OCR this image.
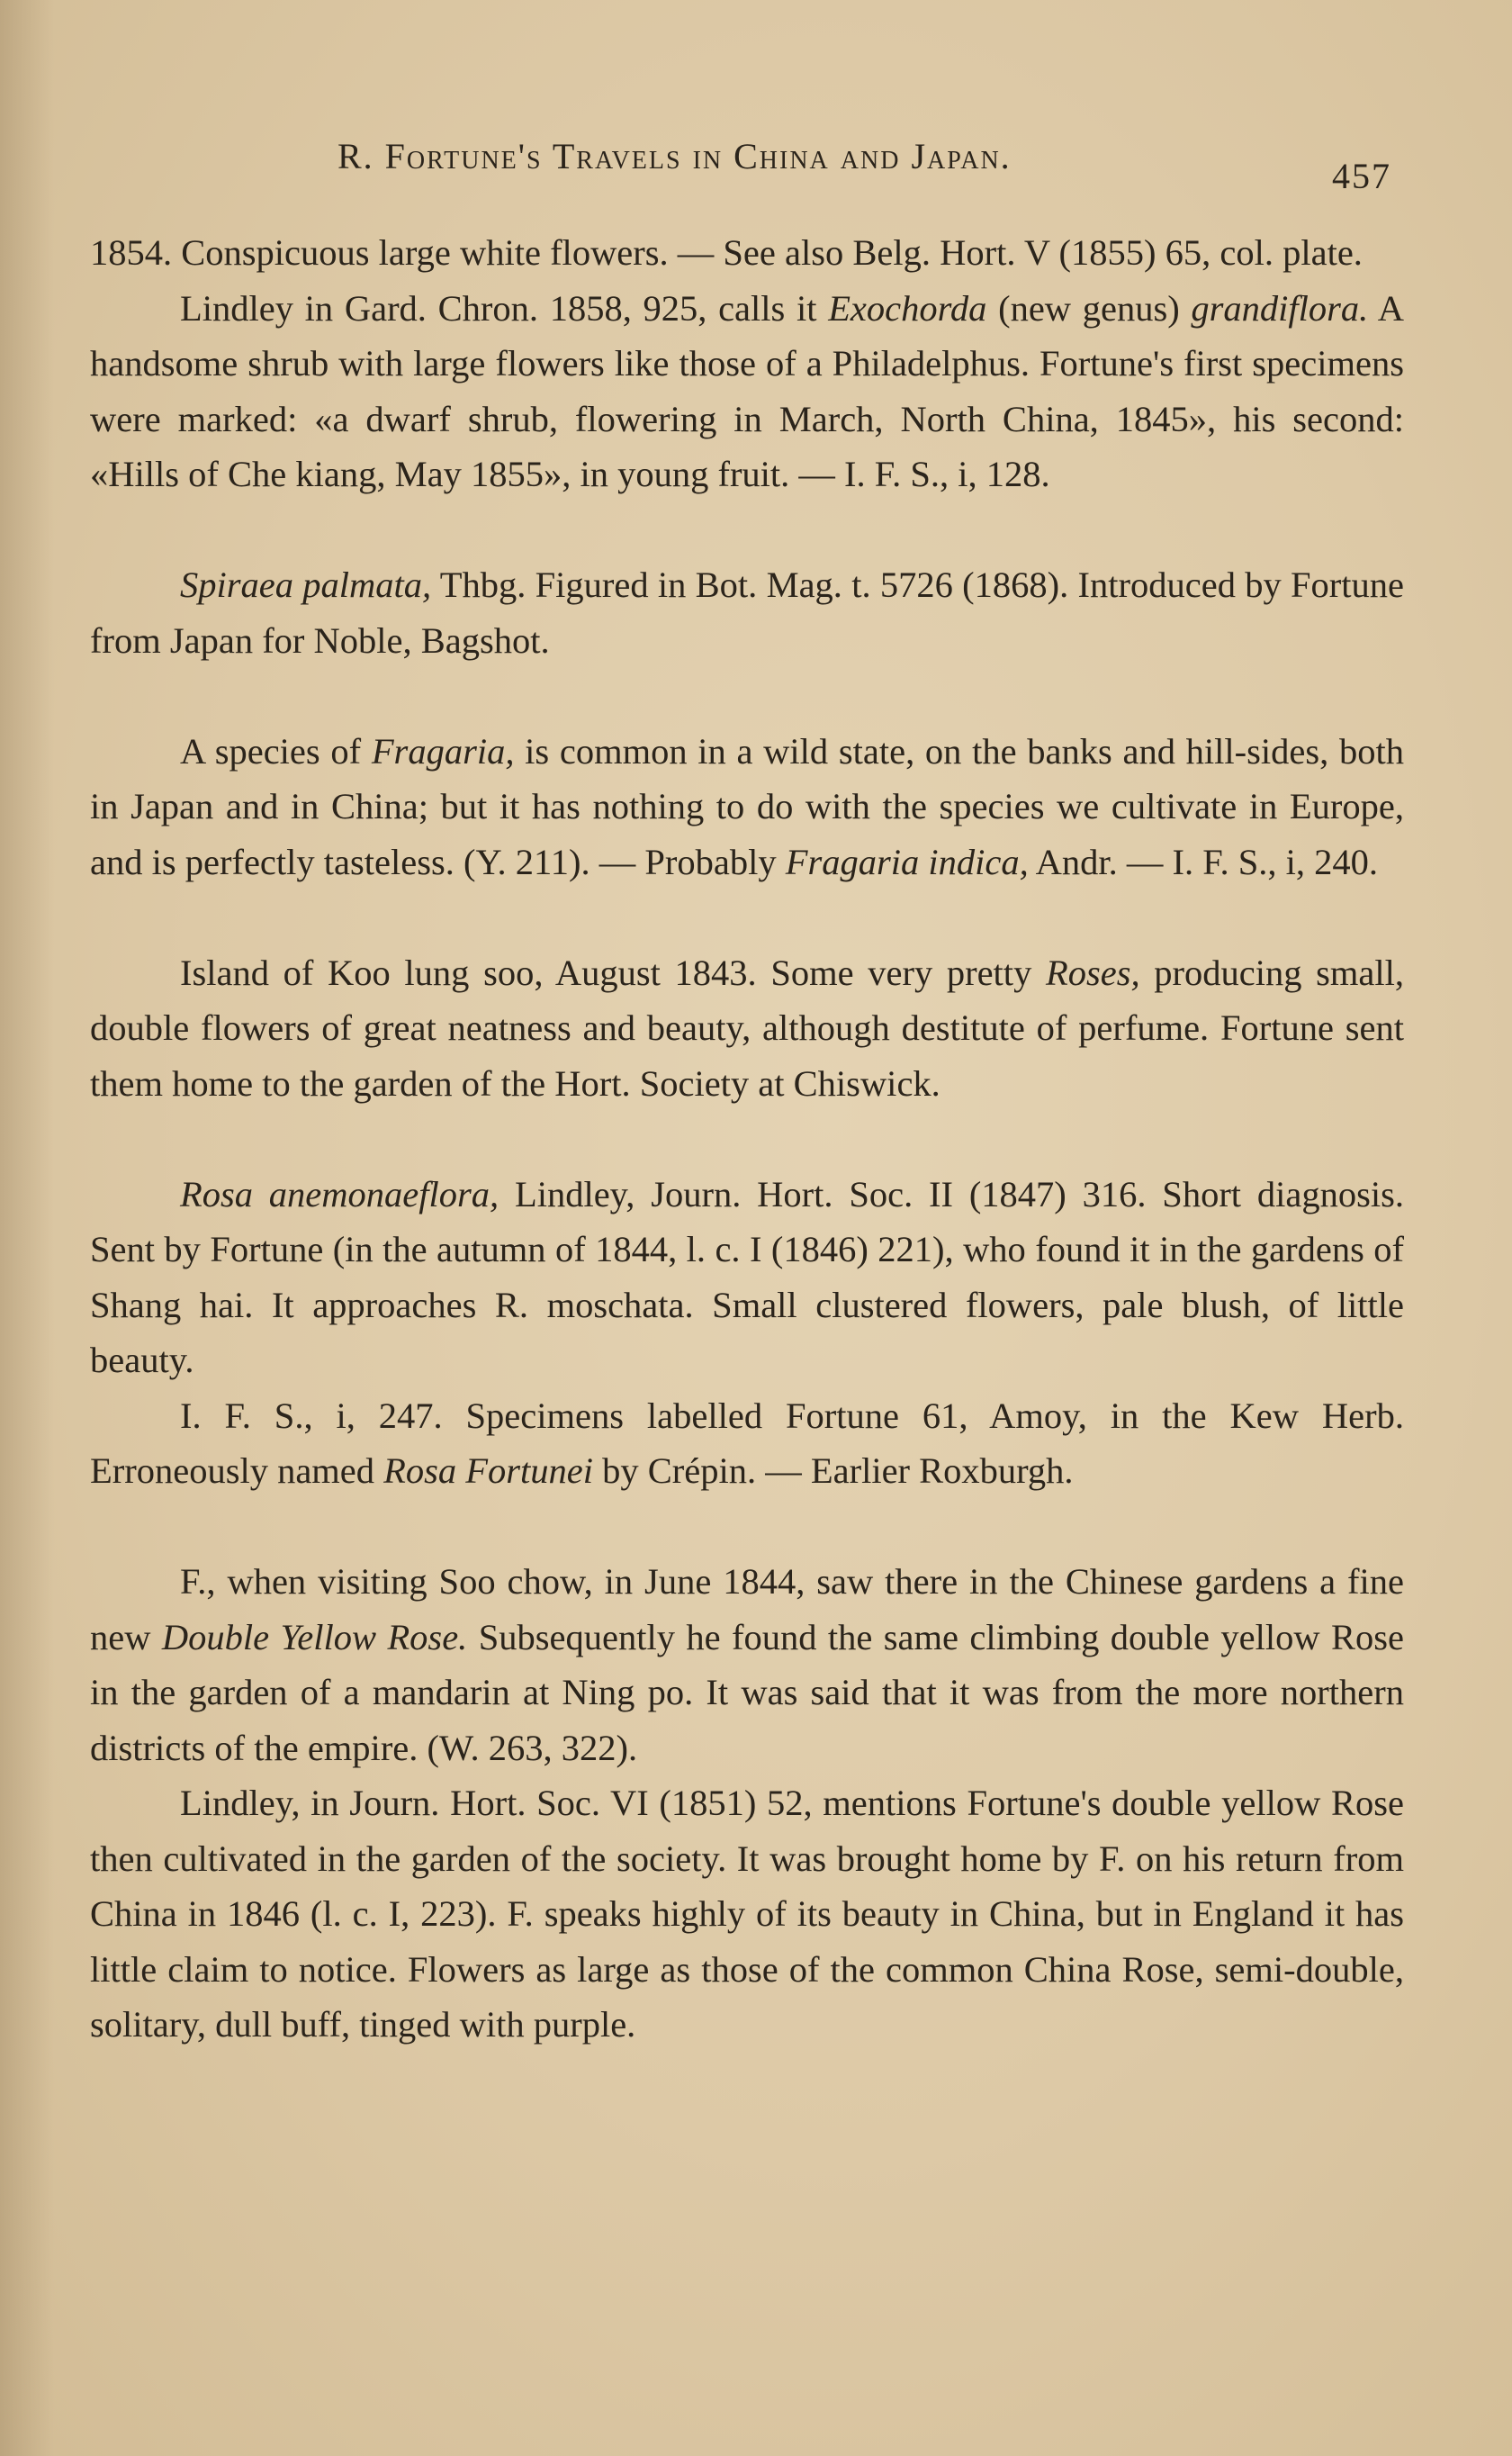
R. Fortune's Travels in China and Japan.	457

1854. Conspicuous large white flowers. — See also Belg. Hort. V (1855) 65, col. plate.

Lindley in Gard. Chron. 1858, 925, calls it Exochorda (new genus) grandiflora. A handsome shrub with large flowers like those of a Philadelphus. Fortune's first specimens were marked: «a dwarf shrub, flowering in March, North China, 1845», his second: «Hills of Che kiang, May 1855», in young fruit. — I. F. S., i, 128.

Spiraea palmata, Thbg. Figured in Bot. Mag. t. 5726 (1868). Introduced by Fortune from Japan for Noble, Bagshot.

A species of Fragaria, is common in a wild state, on the banks and hill-sides, both in Japan and in China; but it has nothing to do with the species we cultivate in Europe, and is perfectly tasteless. (Y. 211). — Probably Fragaria indica, Andr. — I. F. S., i, 240.

Island of Koo lung soo, August 1843. Some very pretty Roses, producing small, double flowers of great neatness and beauty, although destitute of perfume. Fortune sent them home to the garden of the Hort. Society at Chiswick.

Rosa anemonaeflora, Lindley, Journ. Hort. Soc. II (1847) 316. Short diagnosis. Sent by Fortune (in the autumn of 1844, l. c. I (1846) 221), who found it in the gardens of Shang hai. It approaches R. moschata. Small clustered flowers, pale blush, of little beauty.

I. F. S., i, 247. Specimens labelled Fortune 61, Amoy, in the Kew Herb. Erroneously named Rosa Fortunei by Crépin. — Earlier Roxburgh.

F., when visiting Soo chow, in June 1844, saw there in the Chinese gardens a fine new Double Yellow Rose. Subsequently he found the same climbing double yellow Rose in the garden of a mandarin at Ning po. It was said that it was from the more northern districts of the empire. (W. 263, 322).

Lindley, in Journ. Hort. Soc. VI (1851) 52, mentions Fortune's double yellow Rose then cultivated in the garden of the society. It was brought home by F. on his return from China in 1846 (l. c. I, 223). F. speaks highly of its beauty in China, but in England it has little claim to notice. Flowers as large as those of the common China Rose, semi-double, solitary, dull buff, tinged with purple.
